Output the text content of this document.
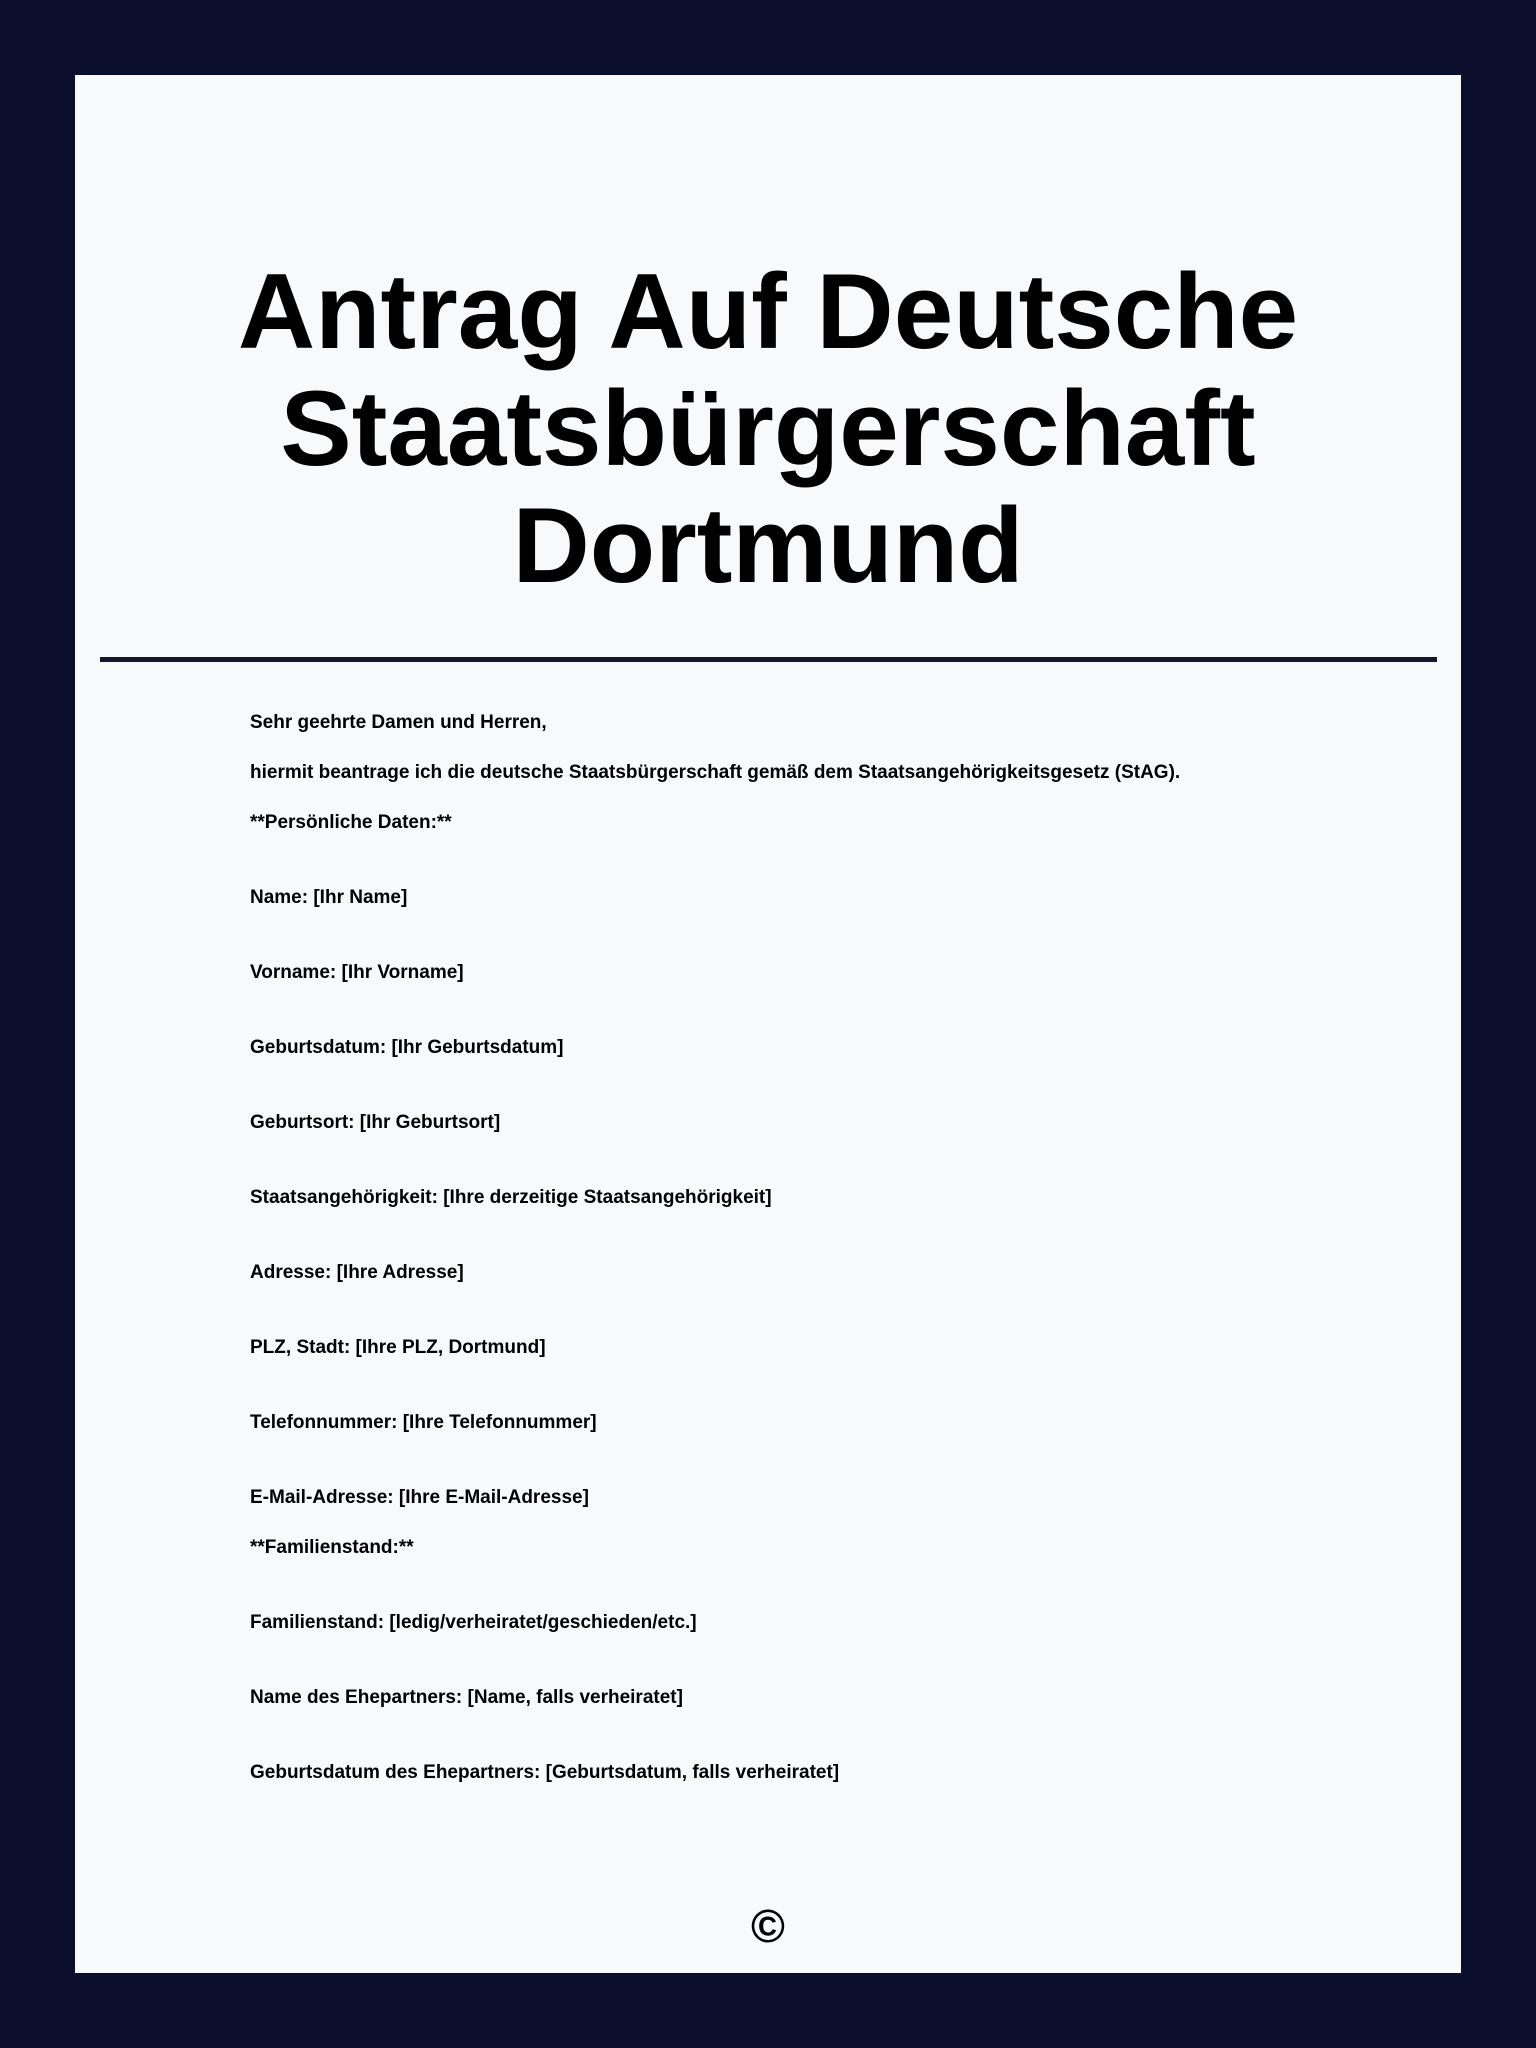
Antrag Auf Deutsche
Staatsbürgerschaft
Dortmund
Sehr geehrte Damen und Herren,
hiermit beantrage ich die deutsche Staatsbürgerschaft gemäß dem Staatsangehörigkeitsgesetz (StAG).
**Persönliche Daten:**
Name: [Ihr Name]
Vorname: [Ihr Vorname]
Geburtsdatum: [Ihr Geburtsdatum]
Geburtsort: [Ihr Geburtsort]
Staatsangehörigkeit: [Ihre derzeitige Staatsangehörigkeit]
Adresse: [Ihre Adresse]
PLZ, Stadt: [Ihre PLZ, Dortmund]
Telefonnummer: [Ihre Telefonnummer]
E-Mail-Adresse: [Ihre E-Mail-Adresse]
**Familienstand:**
Familienstand: [ledig/verheiratet/geschieden/etc.]
Name des Ehepartners: [Name, falls verheiratet]
Geburtsdatum des Ehepartners: [Geburtsdatum, falls verheiratet]
©
